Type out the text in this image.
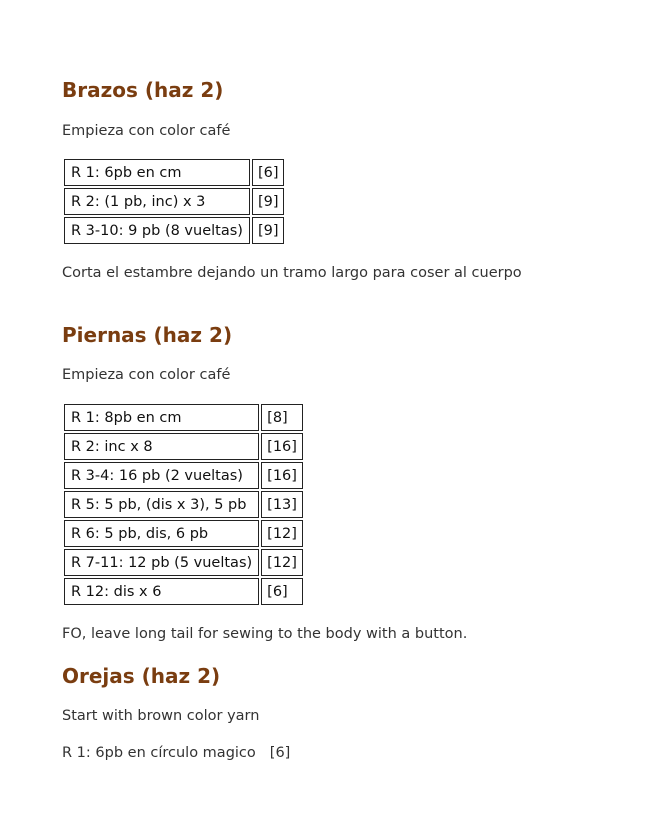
Brazos (haz 2)

Empieza con color café

R 1: 6pb en cm	[6]
R 2: (1 pb, inc) x 3	[9]
R 3-10: 9 pb (8 vueltas)	[9]

Corta el estambre dejando un tramo largo para coser al cuerpo

Piernas (haz 2)

Empieza con color café

R 1: 8pb en cm	[8]
R 2: inc x 8	[16]
R 3-4: 16 pb (2 vueltas)	[16]
R 5: 5 pb, (dis x 3), 5 pb	[13]
R 6: 5 pb, dis, 6 pb	[12]
R 7-11: 12 pb (5 vueltas)	[12]
R 12: dis x 6	[6]

FO, leave long tail for sewing to the body with a button.

Orejas (haz 2)

Start with brown color yarn

R 1: 6pb en círculo magico [6]
